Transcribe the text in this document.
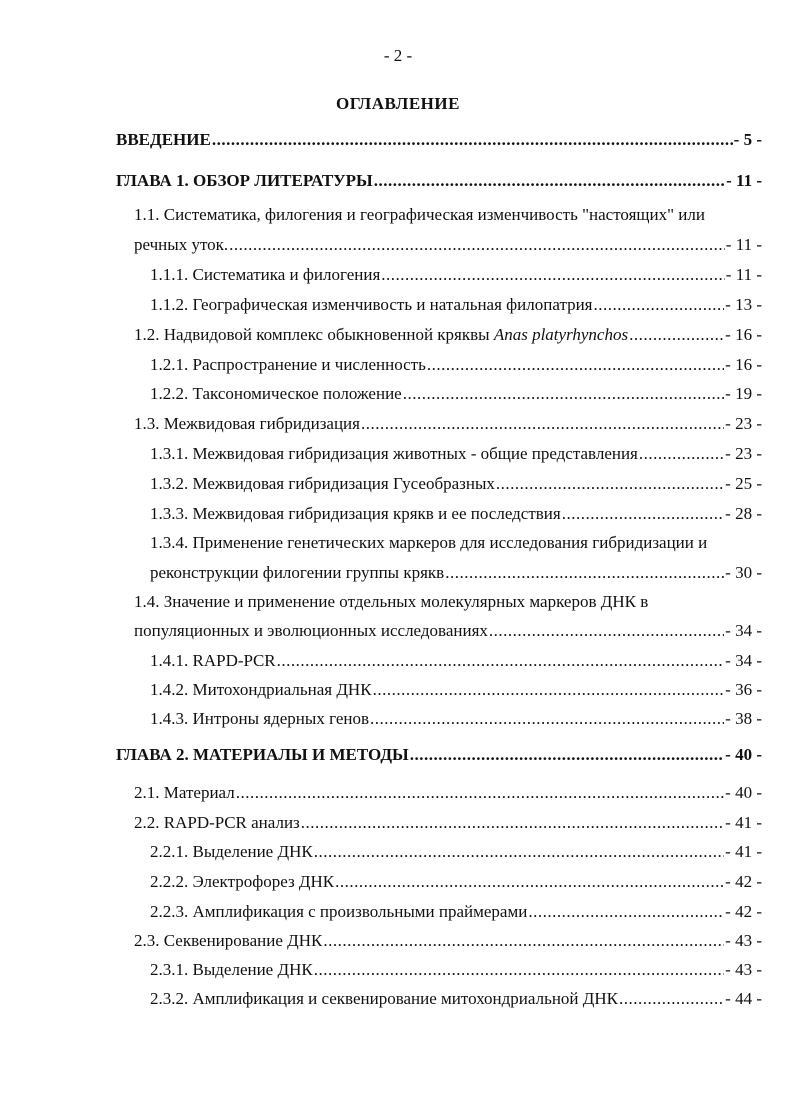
- 2 -
ОГЛАВЛЕНИЕ
ВВЕДЕНИЕ .....	- 5 -
ГЛАВА 1. ОБЗОР ЛИТЕРАТУРЫ .....	- 11 -
1.1. Систематика, филогения и географическая изменчивость "настоящих" или
речных уток. .....	- 11 -
1.1.1. Систематика и филогения .....	- 11 -
1.1.2. Географическая изменчивость и натальная филопатрия .....	- 13 -
1.2. Надвидовой комплекс обыкновенной кряквы Anas platyrhynchos .....	- 16 -
1.2.1. Распространение и численность .....	- 16 -
1.2.2. Таксономическое положение .....	- 19 -
1.3. Межвидовая гибридизация .....	- 23 -
1.3.1. Межвидовая гибридизация животных - общие представления .....	- 23 -
1.3.2. Межвидовая гибридизация Гусеобразных .....	- 25 -
1.3.3. Межвидовая гибридизация крякв и ее последствия .....	- 28 -
1.3.4. Применение генетических маркеров для исследования гибридизации и
реконструкции филогении группы крякв .....	- 30 -
1.4. Значение и применение отдельных молекулярных маркеров ДНК в
популяционных и эволюционных исследованиях .....	- 34 -
1.4.1. RAPD-PCR .....	- 34 -
1.4.2. Митохондриальная ДНК .....	- 36 -
1.4.3. Интроны ядерных генов .....	- 38 -
ГЛАВА 2. МАТЕРИАЛЫ И МЕТОДЫ .....	- 40 -
2.1. Материал .....	- 40 -
2.2. RAPD-PCR анализ .....	- 41 -
2.2.1. Выделение ДНК .....	- 41 -
2.2.2. Электрофорез ДНК .....	- 42 -
2.2.3. Амплификация с произвольными праймерами .....	- 42 -
2.3. Секвенирование ДНК .....	- 43 -
2.3.1. Выделение ДНК .....	- 43 -
2.3.2. Амплификация и секвенирование митохондриальной ДНК .....	- 44 -
